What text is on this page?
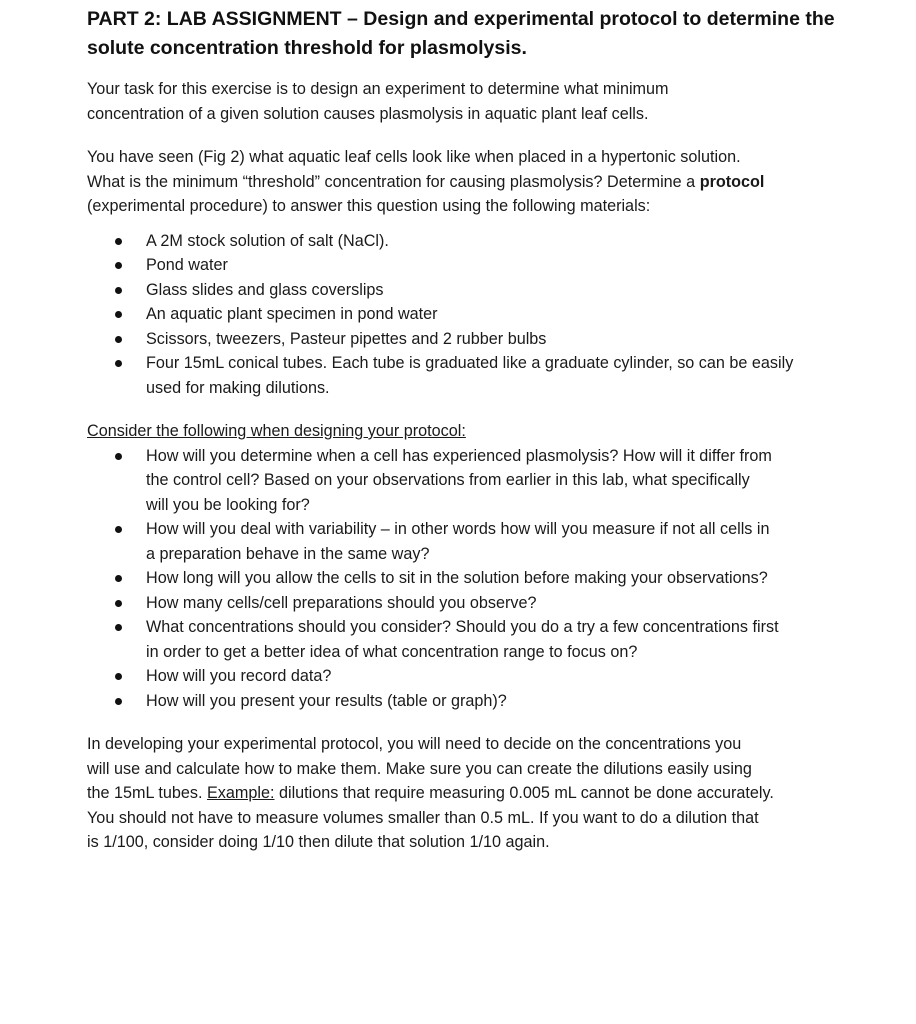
PART 2: LAB ASSIGNMENT – Design and experimental protocol to determine the
solute concentration threshold for plasmolysis.
Your task for this exercise is to design an experiment to determine what minimum
concentration of a given solution causes plasmolysis in aquatic plant leaf cells.
You have seen (Fig 2) what aquatic leaf cells look like when placed in a hypertonic solution.
What is the minimum “threshold” concentration for causing plasmolysis? Determine a protocol
(experimental procedure) to answer this question using the following materials:
A 2M stock solution of salt (NaCl).
Pond water
Glass slides and glass coverslips
An aquatic plant specimen in pond water
Scissors, tweezers, Pasteur pipettes and 2 rubber bulbs
Four 15mL conical tubes. Each tube is graduated like a graduate cylinder, so can be easily
used for making dilutions.
Consider the following when designing your protocol:
How will you determine when a cell has experienced plasmolysis? How will it differ from
the control cell? Based on your observations from earlier in this lab, what specifically
will you be looking for?
How will you deal with variability – in other words how will you measure if not all cells in
a preparation behave in the same way?
How long will you allow the cells to sit in the solution before making your observations?
How many cells/cell preparations should you observe?
What concentrations should you consider? Should you do a try a few concentrations first
in order to get a better idea of what concentration range to focus on?
How will you record data?
How will you present your results (table or graph)?
In developing your experimental protocol, you will need to decide on the concentrations you
will use and calculate how to make them. Make sure you can create the dilutions easily using
the 15mL tubes. Example: dilutions that require measuring 0.005 mL cannot be done accurately.
You should not have to measure volumes smaller than 0.5 mL. If you want to do a dilution that
is 1/100, consider doing 1/10 then dilute that solution 1/10 again.
